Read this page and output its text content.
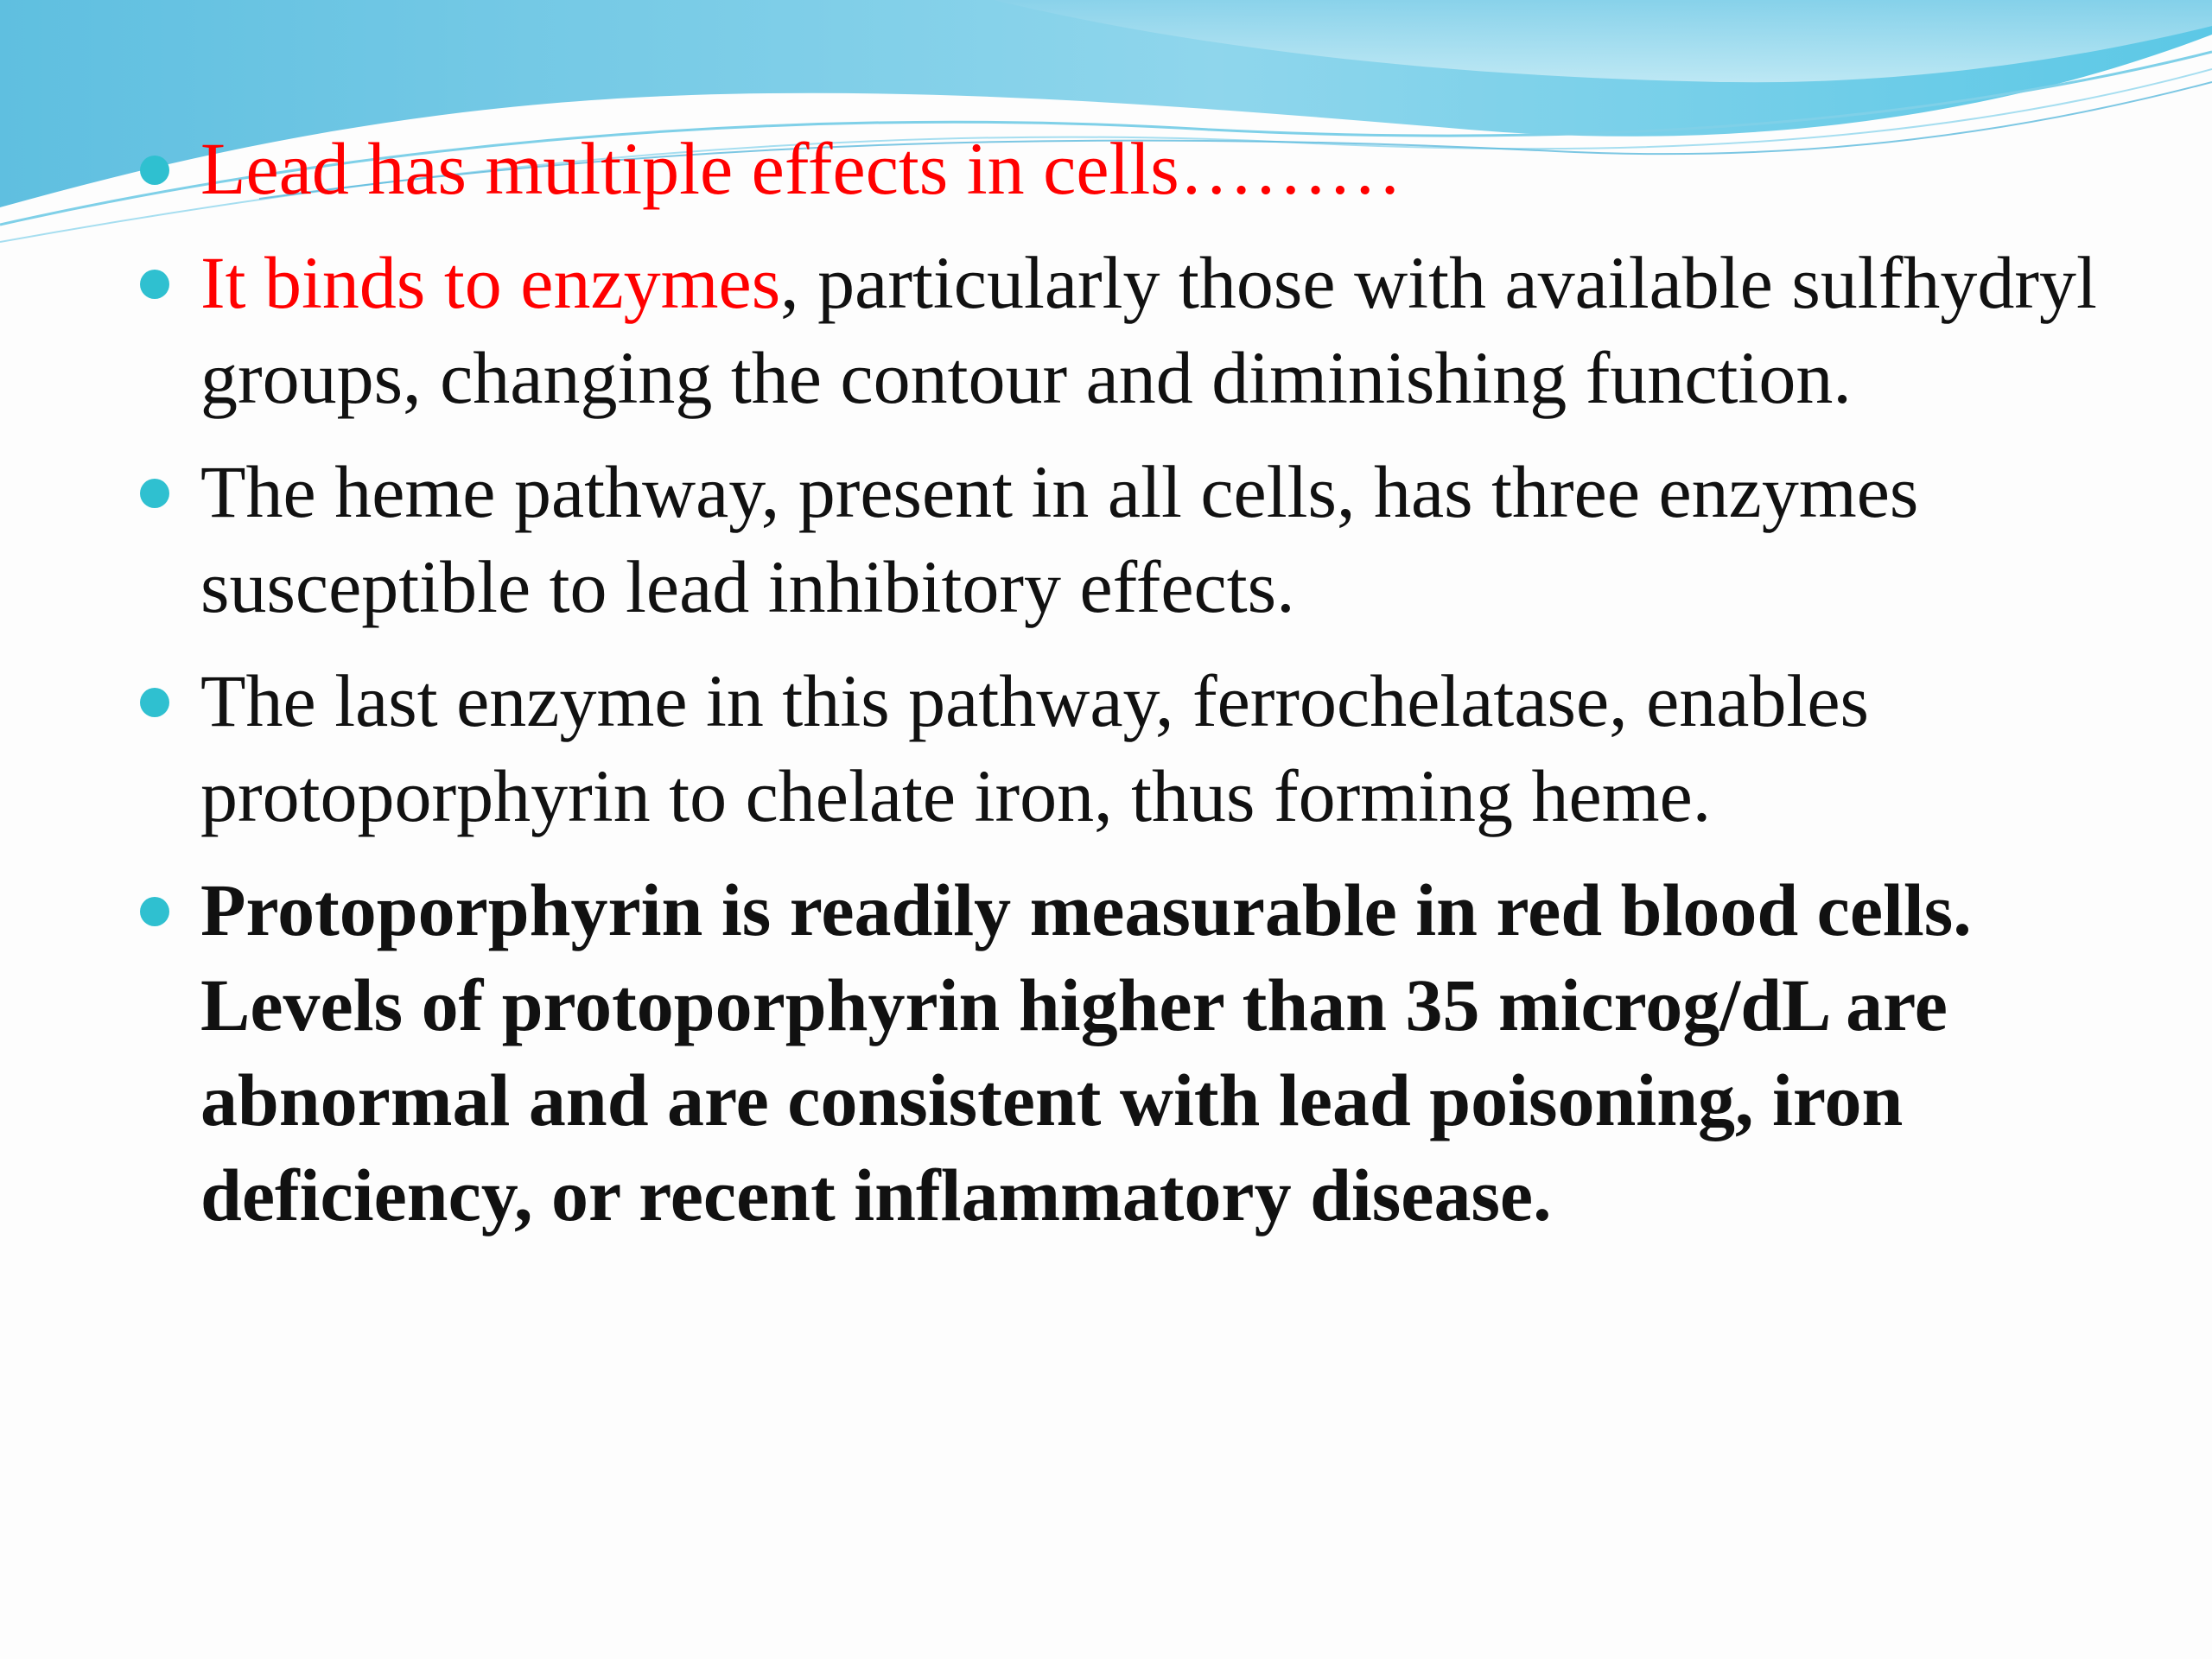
Lead has multiple effects in cells………
It binds to enzymes, particularly those with available sulfhydryl groups, changing the contour and diminishing function.
The heme pathway, present in all cells, has three enzymes susceptible to lead inhibitory effects.
The last enzyme in this pathway, ferrochelatase, enables protoporphyrin to chelate iron, thus forming heme.
Protoporphyrin is readily measurable in red blood cells. Levels of protoporphyrin higher than 35 microg/dL are abnormal and are consistent with lead poisoning, iron deficiency, or recent inflammatory disease.
